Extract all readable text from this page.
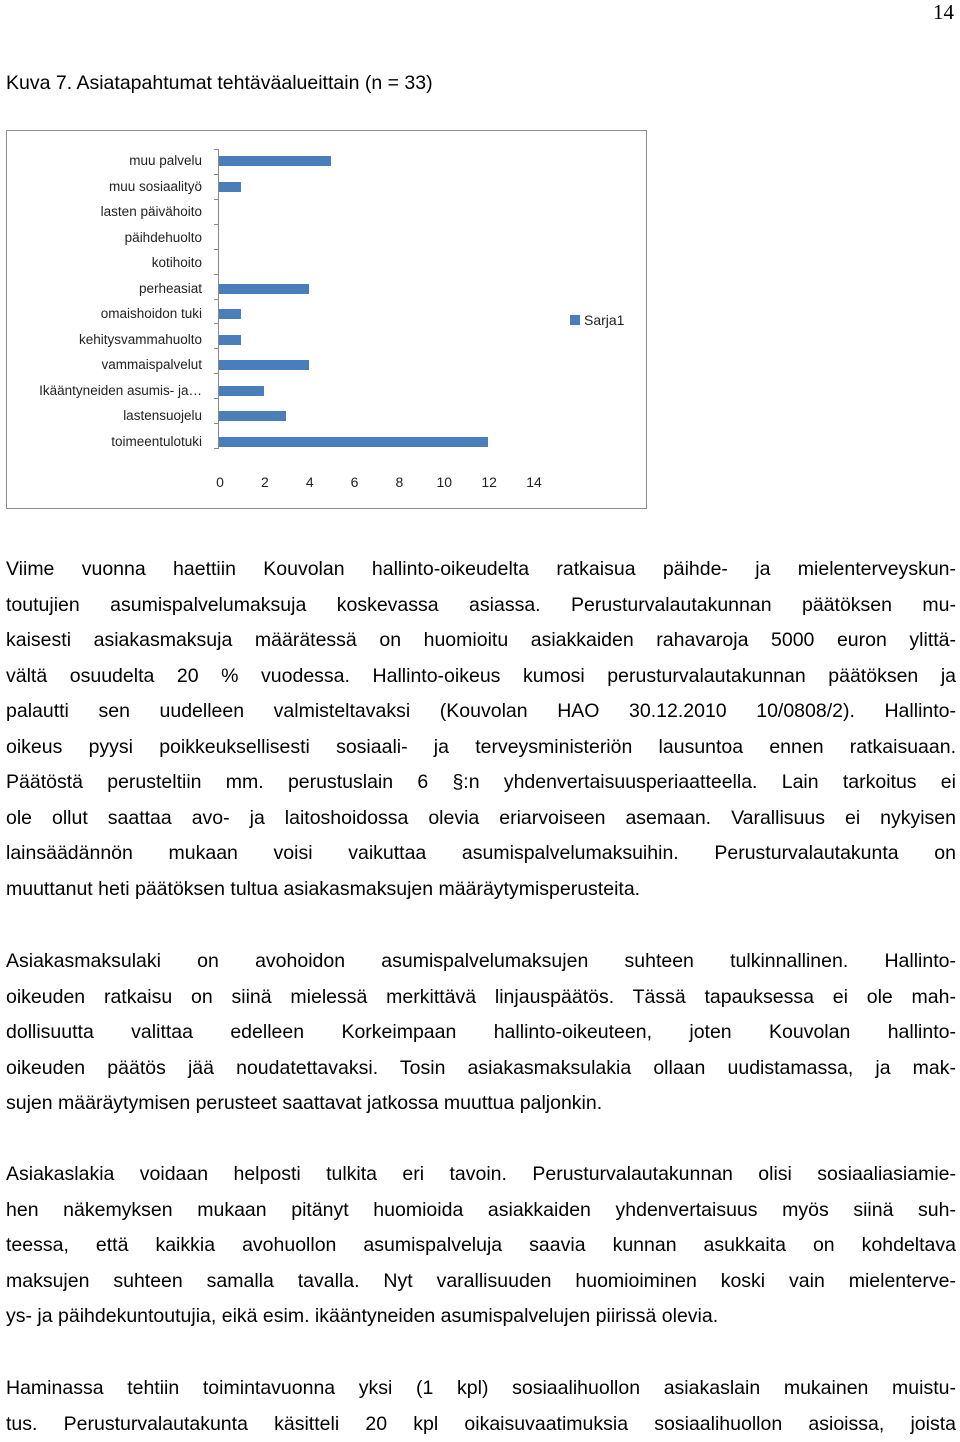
14
Kuva 7. Asiatapahtumat tehtäväalueittain (n = 33)
muu palvelu
muu sosiaalityö
lasten päivähoito
päihdehuolto
kotihoito
perheasiat
omaishoidon tuki
kehitysvammahuolto
vammaispalvelut
Ikääntyneiden asumis- ja…
lastensuojelu
toimeentulotuki
0	2	4	6	8 10 12 14
Sarja1
Viime vuonna haettiin Kouvolan hallinto-oikeudelta ratkaisua päihde- ja mielenterveyskun-
toutujien asumispalvelumaksuja koskevassa asiassa. Perusturvalautakunnan päätöksen mu-
kaisesti asiakasmaksuja määrätessä on huomioitu asiakkaiden rahavaroja 5000 euron ylittä-
vältä osuudelta 20 % vuodessa. Hallinto-oikeus kumosi perusturvalautakunnan päätöksen ja
palautti sen uudelleen valmisteltavaksi (Kouvolan HAO 30.12.2010 10/0808/2). Hallinto-
oikeus pyysi poikkeuksellisesti sosiaali- ja terveysministeriön lausuntoa ennen ratkaisuaan.
Päätöstä perusteltiin mm. perustuslain 6 §:n yhdenvertaisuusperiaatteella. Lain tarkoitus ei
ole ollut saattaa avo- ja laitoshoidossa olevia eriarvoiseen asemaan. Varallisuus ei nykyisen
lainsäädännön mukaan voisi vaikuttaa asumispalvelumaksuihin. Perusturvalautakunta on
muuttanut heti päätöksen tultua asiakasmaksujen määräytymisperusteita.
Asiakasmaksulaki on avohoidon asumispalvelumaksujen suhteen tulkinnallinen. Hallinto-
oikeuden ratkaisu on siinä mielessä merkittävä linjauspäätös. Tässä tapauksessa ei ole mah-
dollisuutta valittaa edelleen Korkeimpaan hallinto-oikeuteen, joten Kouvolan hallinto-
oikeuden päätös jää noudatettavaksi. Tosin asiakasmaksulakia ollaan uudistamassa, ja mak-
sujen määräytymisen perusteet saattavat jatkossa muuttua paljonkin.
Asiakaslakia voidaan helposti tulkita eri tavoin. Perusturvalautakunnan olisi sosiaaliasiamie-
hen näkemyksen mukaan pitänyt huomioida asiakkaiden yhdenvertaisuus myös siinä suh-
teessa, että kaikkia avohuollon asumispalveluja saavia kunnan asukkaita on kohdeltava
maksujen suhteen samalla tavalla. Nyt varallisuuden huomioiminen koski vain mielenterve-
ys- ja päihdekuntoutujia, eikä esim. ikääntyneiden asumispalvelujen piirissä olevia.
Haminassa tehtiin toimintavuonna yksi (1 kpl) sosiaalihuollon asiakaslain mukainen muistu-
tus. Perusturvalautakunta käsitteli 20 kpl oikaisuvaatimuksia sosiaalihuollon asioissa, joista
